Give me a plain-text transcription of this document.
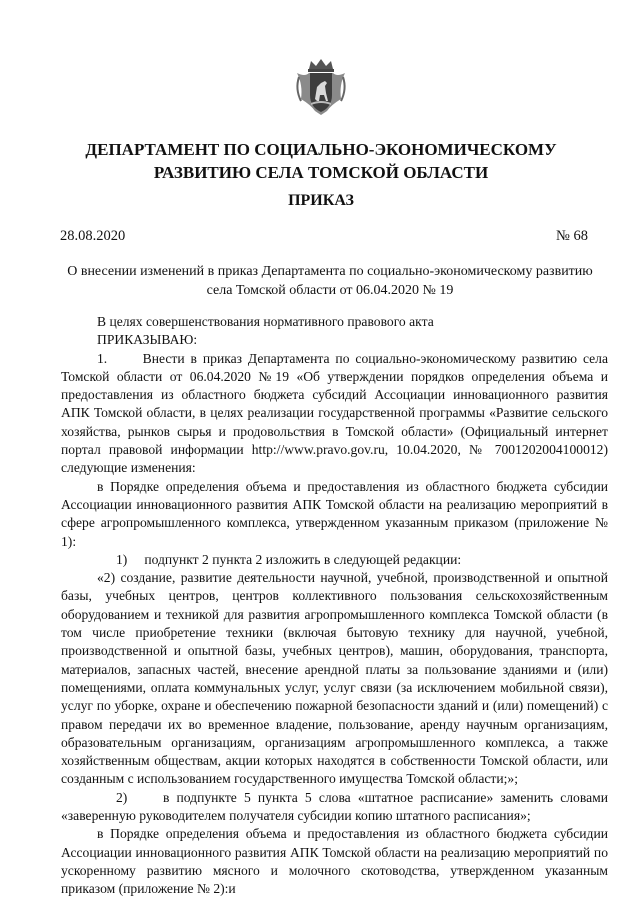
ДЕПАРТАМЕНТ ПО СОЦИАЛЬНО-ЭКОНОМИЧЕСКОМУ
РАЗВИТИЮ СЕЛА ТОМСКОЙ ОБЛАСТИ
ПРИКАЗ
28.08.2020	№ 68
О внесении изменений в приказ Департамента по социально-экономическому развитию
села Томской области от 06.04.2020 № 19

В целях совершенствования нормативного правового акта

ПРИКАЗЫВАЮ:

1.      Внести в приказ Департамента по социально-экономическому развитию села Томской области от 06.04.2020 №19 «Об утверждении порядков определения объема и предоставления из областного бюджета субсидий Ассоциации инновационного развития АПК Томской области, в целях реализации государственной программы «Развитие сельского хозяйства, рынков сырья и продовольствия в Томской области» (Официальный интернет портал правовой информации http://www.pravo.gov.ru, 10.04.2020, № 7001202004100012) следующие изменения:

в Порядке определения объема и предоставления из областного бюджета субсидии Ассоциации инновационного развития АПК Томской области на реализацию мероприятий в сфере агропромышленного комплекса, утвержденном указанным приказом (приложение № 1):

1)     подпункт 2 пункта 2 изложить в следующей редакции:

«2) создание, развитие деятельности научной, учебной, производственной и опытной базы, учебных центров, центров коллективного пользования сельскохозяйственным оборудованием и техникой для развития агропромышленного комплекса Томской области (в том числе приобретение техники (включая бытовую технику для научной, учебной, производственной и опытной базы, учебных центров), машин, оборудования, транспорта, материалов, запасных частей, внесение арендной платы за пользование зданиями и (или) помещениями, оплата коммунальных услуг, услуг связи (за исключением мобильной связи), услуг по уборке, охране и обеспечению пожарной безопасности зданий и (или) помещений) с правом передачи их во временное владение, пользование, аренду научным организациям, образовательным организациям, организациям агропромышленного комплекса, а также хозяйственным обществам, акции которых находятся в собственности Томской области, или созданным с использованием государственного имущества Томской области;»;

2)     в подпункте 5 пункта 5 слова «штатное расписание» заменить словами «заверенную руководителем получателя субсидии копию штатного расписания»;

в Порядке определения объема и предоставления из областного бюджета субсидии Ассоциации инновационного развития АПК Томской области на реализацию мероприятий по ускоренному развитию мясного и молочного скотоводства, утвержденном указанным приказом (приложение № 2):и
